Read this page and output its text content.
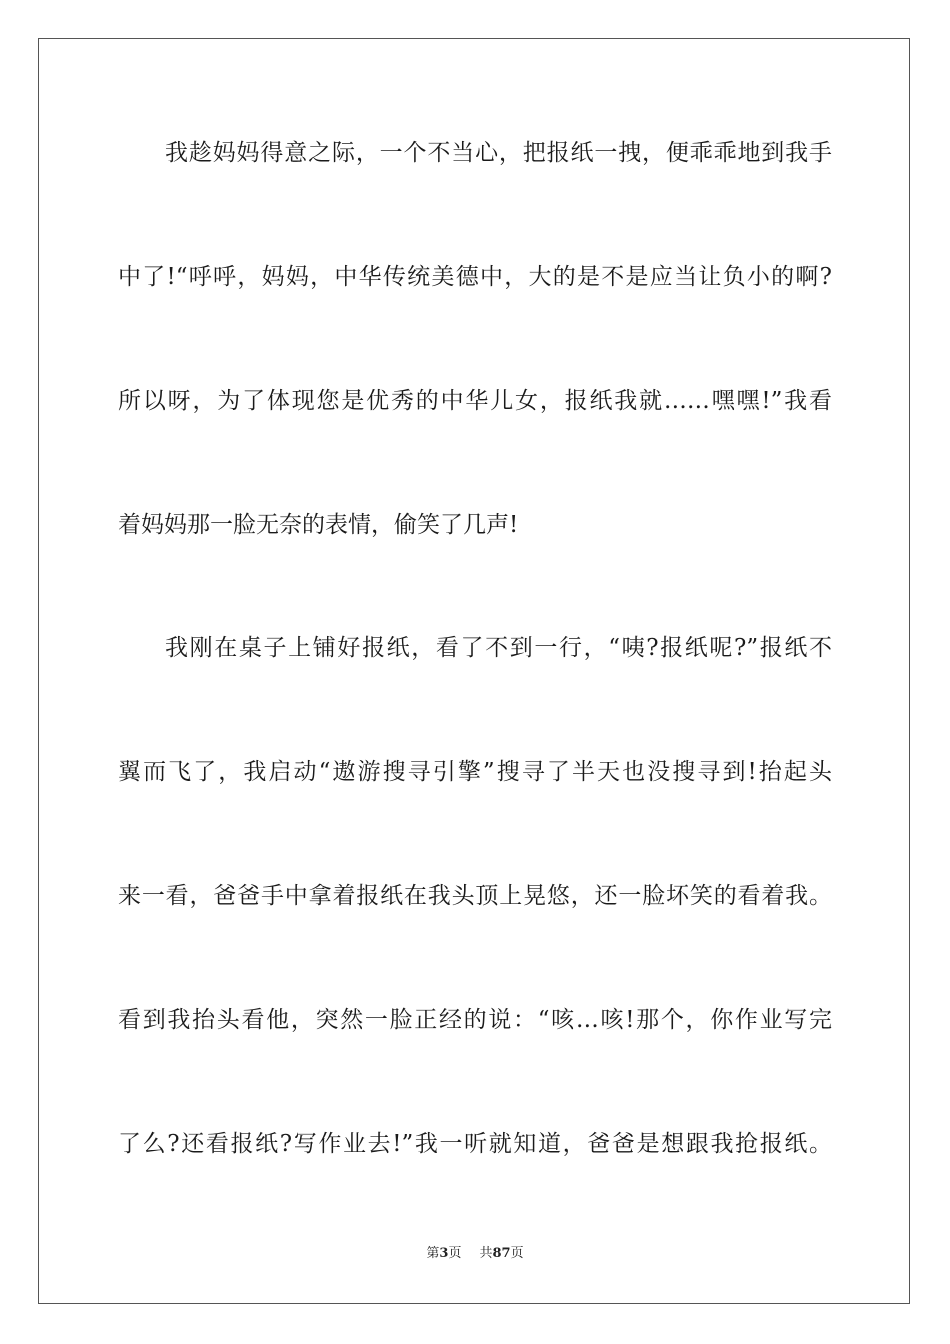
我趁妈妈得意之际，一个不当心，把报纸一拽，便乖乖地到我手
中了!“呼呼，妈妈，中华传统美德中，大的是不是应当让负小的啊?
所以呀，为了体现您是优秀的中华儿女，报纸我就……嘿嘿!”我看
着妈妈那一脸无奈的表情，偷笑了几声!
我刚在桌子上铺好报纸，看了不到一行，“咦?报纸呢?”报纸不
翼而飞了，我启动“遨游搜寻引擎”搜寻了半天也没搜寻到!抬起头
来一看，爸爸手中拿着报纸在我头顶上晃悠，还一脸坏笑的看着我。
看到我抬头看他，突然一脸正经的说：“咳…咳!那个，你作业写完
了么?还看报纸?写作业去!”我一听就知道，爸爸是想跟我抢报纸。
第3页 共87页
